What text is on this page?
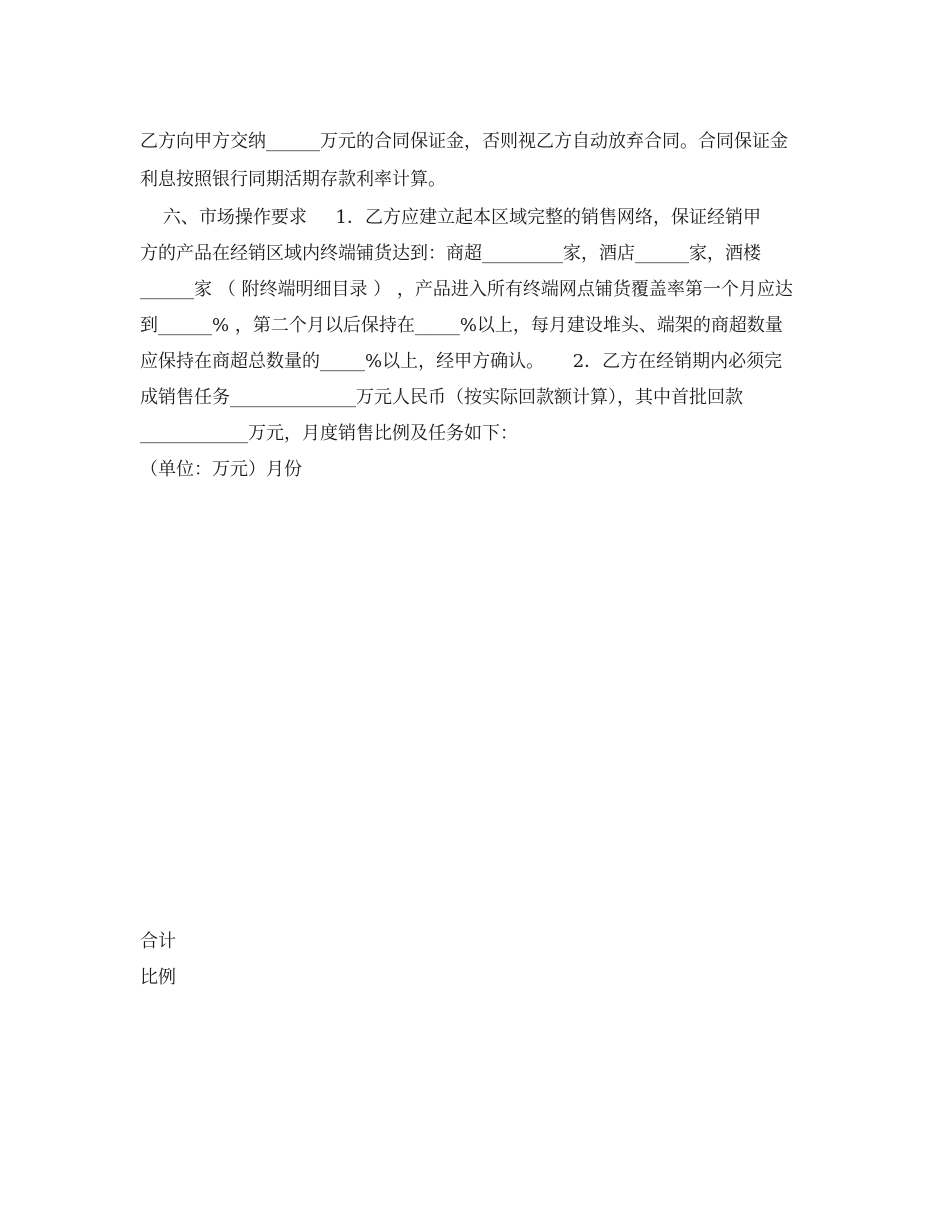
乙方向甲方交纳______万元的合同保证金，否则视乙方自动放弃合同。合同保证金
利息按照银行同期活期存款利率计算。
六、市场操作要求     1．乙方应建立起本区域完整的销售网络，保证经销甲
方的产品在经销区域内终端铺货达到：商超_________家，酒店______家，酒楼
______家 （ 附终端明细目录 ） ，产品进入所有终端网点铺货覆盖率第一个月应达
到______% ，第二个月以后保持在_____%以上，每月建设堆头、端架的商超数量
应保持在商超总数量的_____%以上，经甲方确认。     2．乙方在经销期内必须完
成销售任务______________万元人民币（按实际回款额计算），其中首批回款
____________万元，月度销售比例及任务如下：
（单位：万元）月份
合计
比例
